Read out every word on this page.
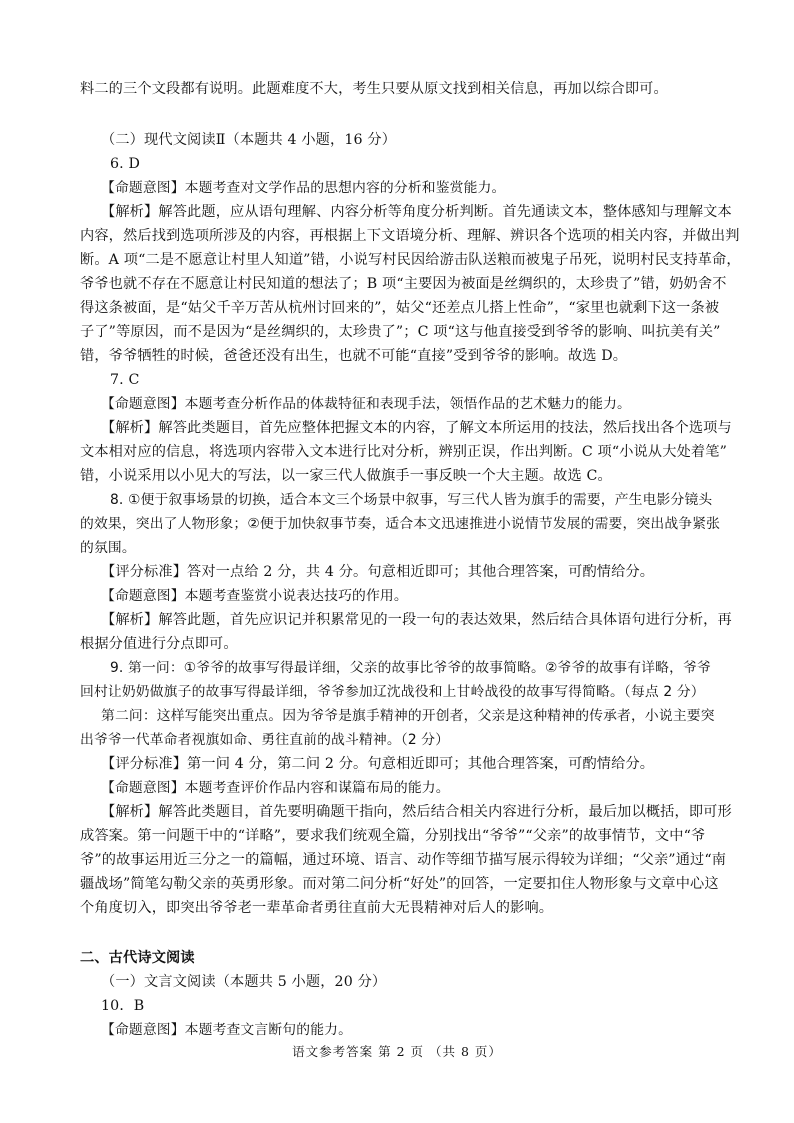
料二的三个文段都有说明。此题难度不大，考生只要从原文找到相关信息，再加以综合即可。
（二）现代文阅读Ⅱ（本题共 4 小题，16 分）
6. D
【命题意图】本题考查对文学作品的思想内容的分析和鉴赏能力。
【解析】解答此题，应从语句理解、内容分析等角度分析判断。首先通读文本，整体感知与理解文本
内容，然后找到选项所涉及的内容，再根据上下文语境分析、理解、辨识各个选项的相关内容，并做出判
断。A 项“二是不愿意让村里人知道”错，小说写村民因给游击队送粮而被鬼子吊死，说明村民支持革命，
爷爷也就不存在不愿意让村民知道的想法了；B 项“主要因为被面是丝绸织的，太珍贵了”错，奶奶舍不
得这条被面，是“姑父千辛万苦从杭州讨回来的”，姑父“还差点儿搭上性命”，“家里也就剩下这一条被
子了”等原因，而不是因为“是丝绸织的，太珍贵了”；C 项“这与他直接受到爷爷的影响、叫抗美有关”
错，爷爷牺牲的时候，爸爸还没有出生，也就不可能“直接”受到爷爷的影响。故选 D。
7. C
【命题意图】本题考查分析作品的体裁特征和表现手法，领悟作品的艺术魅力的能力。
【解析】解答此类题目，首先应整体把握文本的内容，了解文本所运用的技法，然后找出各个选项与
文本相对应的信息，将选项内容带入文本进行比对分析，辨别正误，作出判断。C 项“小说从大处着笔”
错，小说采用以小见大的写法，以一家三代人做旗手一事反映一个大主题。故选 C。
8. ①便于叙事场景的切换，适合本文三个场景中叙事，写三代人皆为旗手的需要，产生电影分镜头
的效果，突出了人物形象；②便于加快叙事节奏，适合本文迅速推进小说情节发展的需要，突出战争紧张
的氛围。
【评分标准】答对一点给 2 分，共 4 分。句意相近即可；其他合理答案，可酌情给分。
【命题意图】本题考查鉴赏小说表达技巧的作用。
【解析】解答此题，首先应识记并积累常见的一段一句的表达效果，然后结合具体语句进行分析，再
根据分值进行分点即可。
9. 第一问：①爷爷的故事写得最详细，父亲的故事比爷爷的故事简略。②爷爷的故事有详略，爷爷
回村让奶奶做旗子的故事写得最详细，爷爷参加辽沈战役和上甘岭战役的故事写得简略。（每点 2 分）
第二问：这样写能突出重点。因为爷爷是旗手精神的开创者，父亲是这种精神的传承者，小说主要突
出爷爷一代革命者视旗如命、勇往直前的战斗精神。（2 分）
【评分标准】第一问 4 分，第二问 2 分。句意相近即可；其他合理答案，可酌情给分。
【命题意图】本题考查评价作品内容和谋篇布局的能力。
【解析】解答此类题目，首先要明确题干指向，然后结合相关内容进行分析，最后加以概括，即可形
成答案。第一问题干中的“详略”，要求我们统观全篇，分别找出“爷爷”“父亲”的故事情节，文中“爷
爷”的故事运用近三分之一的篇幅，通过环境、语言、动作等细节描写展示得较为详细；“父亲”通过“南
疆战场”简笔勾勒父亲的英勇形象。而对第二问分析“好处”的回答，一定要扣住人物形象与文章中心这
个角度切入，即突出爷爷老一辈革命者勇往直前大无畏精神对后人的影响。
二、古代诗文阅读
（一）文言文阅读（本题共 5 小题，20 分）
10．B
【命题意图】本题考查文言断句的能力。
语文参考答案 第 2 页 （共 8 页）
